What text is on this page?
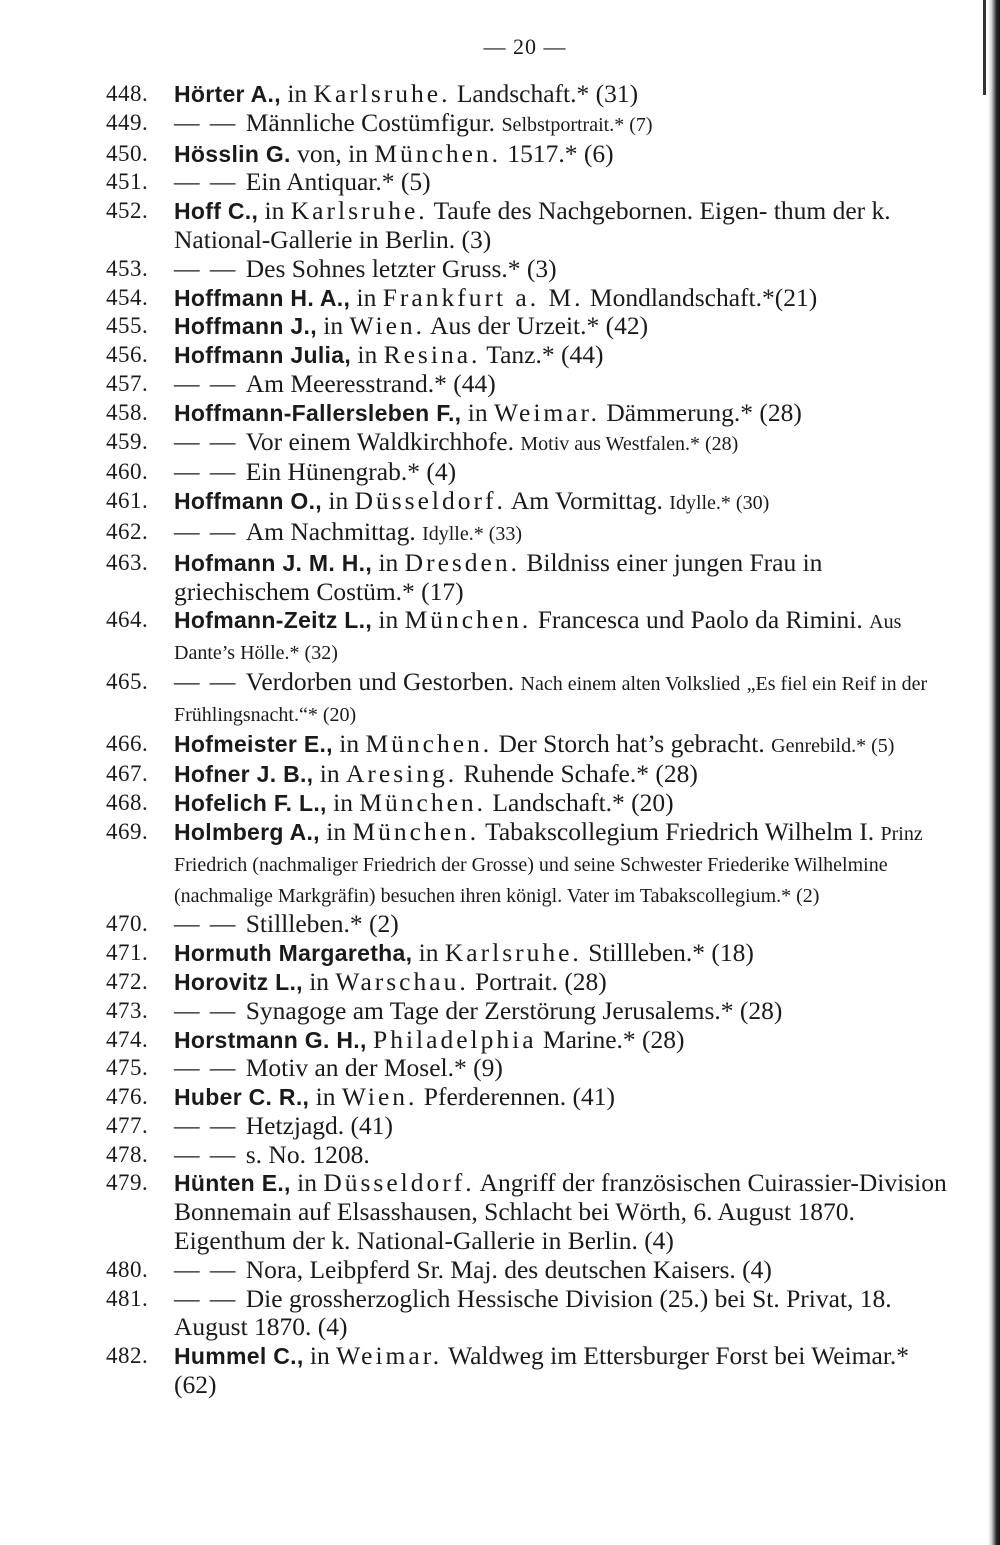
— 20 —
448.	Hörter A., in Karlsruhe. Landschaft.* (31)
449.	— — Männliche Costümfigur. Selbstportrait.* (7)
450.	Hösslin G. von, in München. 1517.* (6)
451.	— — Ein Antiquar.* (5)
452.	Hoff C., in Karlsruhe. Taufe des Nachgebornen. Eigen- thum der k. National-Gallerie in Berlin. (3)
453.	— — Des Sohnes letzter Gruss.* (3)
454.	Hoffmann H. A., in Frankfurt a. M. Mondlandschaft.*(21)
455.	Hoffmann J., in Wien. Aus der Urzeit.* (42)
456.	Hoffmann Julia, in Resina. Tanz.* (44)
457.	— — Am Meeresstrand.* (44)
458.	Hoffmann-Fallersleben F., in Weimar. Dämmerung.* (28)
459.	— — Vor einem Waldkirchhofe. Motiv aus Westfalen.* (28)
460.	— — Ein Hünengrab.* (4)
461.	Hoffmann O., in Düsseldorf. Am Vormittag. Idylle.* (30)
462.	— — Am Nachmittag. Idylle.* (33)
463.	Hofmann J. M. H., in Dresden. Bildniss einer jungen Frau in griechischem Costüm.* (17)
464.	Hofmann-Zeitz L., in München. Francesca und Paolo da Rimini. Aus Dante’s Hölle.* (32)
465.	— — Verdorben und Gestorben. Nach einem alten Volkslied „Es fiel ein Reif in der Frühlingsnacht.“* (20)
466.	Hofmeister E., in München. Der Storch hat’s gebracht. Genrebild.* (5)
467.	Hofner J. B., in Aresing. Ruhende Schafe.* (28)
468.	Hofelich F. L., in München. Landschaft.* (20)
469.	Holmberg A., in München. Tabakscollegium Friedrich Wilhelm I. Prinz Friedrich (nachmaliger Friedrich der Grosse) und seine Schwester Friederike Wilhelmine (nachmalige Markgräfin) besuchen ihren königl. Vater im Tabakscollegium.* (2)
470.	— — Stillleben.* (2)
471.	Hormuth Margaretha, in Karlsruhe. Stillleben.* (18)
472.	Horovitz L., in Warschau. Portrait. (28)
473.	— — Synagoge am Tage der Zerstörung Jerusalems.* (28)
474.	Horstmann G. H., Philadelphia Marine.* (28)
475.	— — Motiv an der Mosel.* (9)
476.	Huber C. R., in Wien. Pferderennen. (41)
477.	— — Hetzjagd. (41)
478.	— — s. No. 1208.
479.	Hünten E., in Düsseldorf. Angriff der französischen Cuirassier-Division Bonnemain auf Elsasshausen, Schlacht bei Wörth, 6. August 1870. Eigenthum der k. National-Gallerie in Berlin. (4)
480.	— — Nora, Leibpferd Sr. Maj. des deutschen Kaisers. (4)
481.	— — Die grossherzoglich Hessische Division (25.) bei St. Privat, 18. August 1870. (4)
482.	Hummel C., in Weimar. Waldweg im Ettersburger Forst bei Weimar.* (62)
